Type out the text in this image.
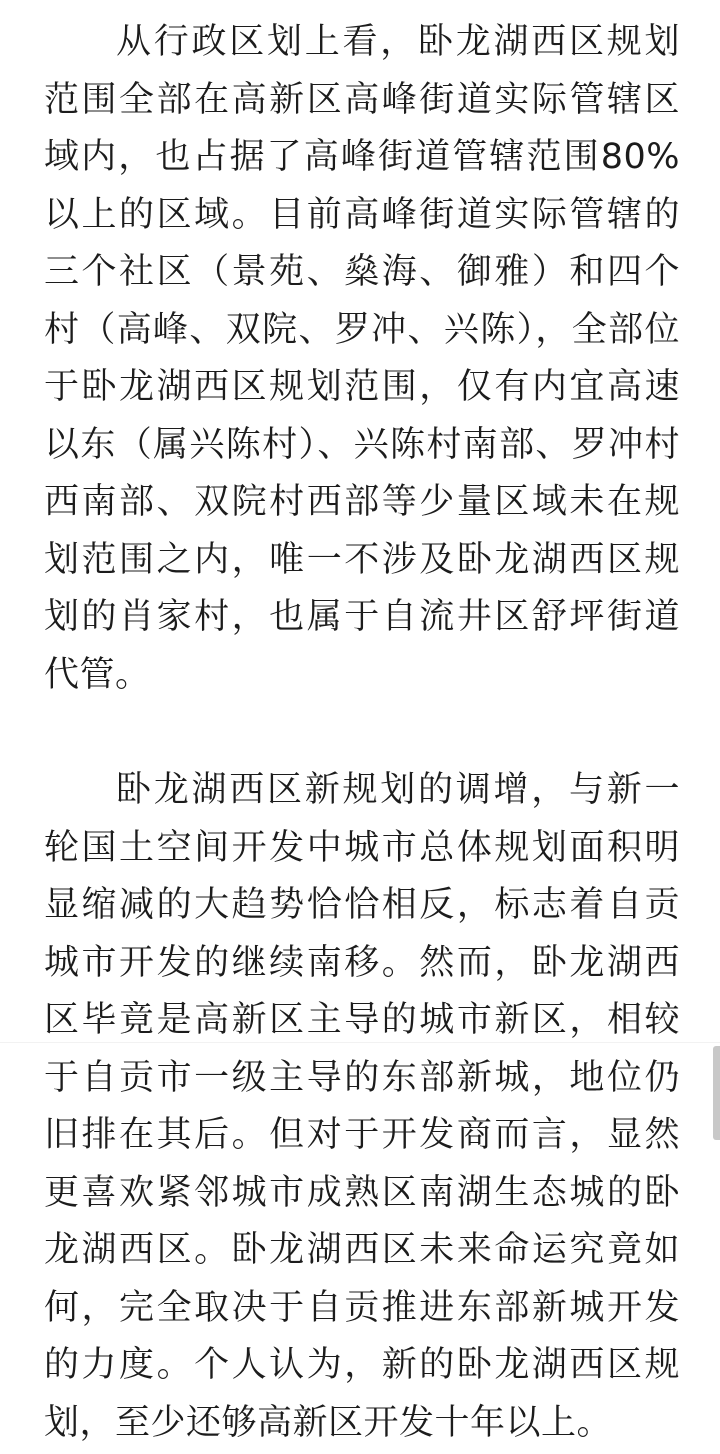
从行政区划上看，卧龙湖西区规划范围全部在高新区高峰街道实际管辖区域内，也占据了高峰街道管辖范围80%以上的区域。目前高峰街道实际管辖的三个社区（景苑、燊海、御雅）和四个村（高峰、双院、罗冲、兴陈），全部位于卧龙湖西区规划范围，仅有内宜高速以东（属兴陈村）、兴陈村南部、罗冲村西南部、双院村西部等少量区域未在规划范围之内，唯一不涉及卧龙湖西区规划的肖家村，也属于自流井区舒坪街道代管。

卧龙湖西区新规划的调增，与新一轮国土空间开发中城市总体规划面积明显缩减的大趋势恰恰相反，标志着自贡城市开发的继续南移。然而，卧龙湖西区毕竟是高新区主导的城市新区，相较于自贡市一级主导的东部新城，地位仍旧排在其后。但对于开发商而言，显然更喜欢紧邻城市成熟区南湖生态城的卧龙湖西区。卧龙湖西区未来命运究竟如何，完全取决于自贡推进东部新城开发的力度。个人认为，新的卧龙湖西区规划，至少还够高新区开发十年以上。
